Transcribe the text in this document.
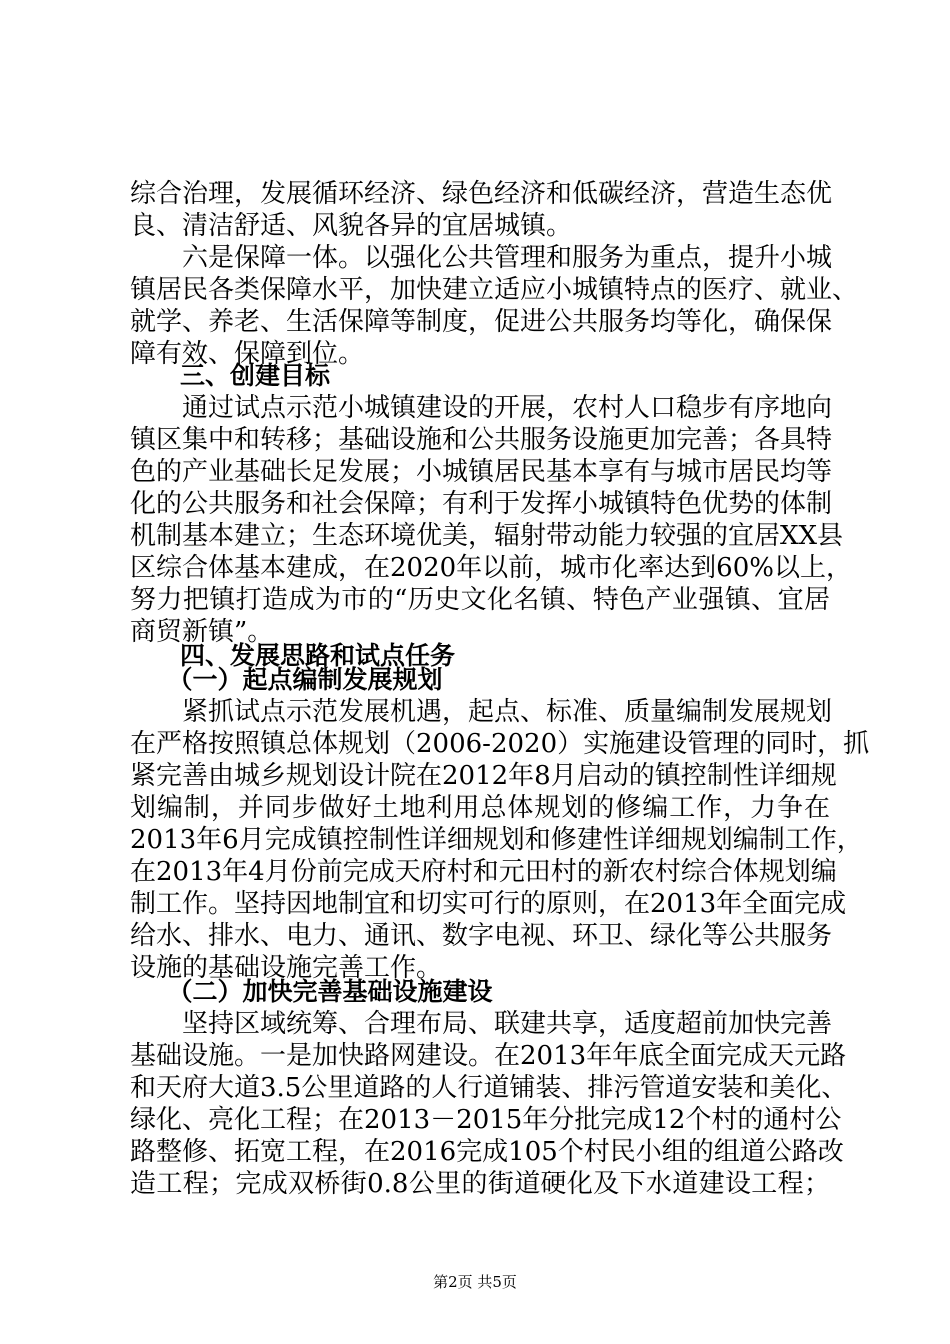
综合治理，发展循环经济、绿色经济和低碳经济，营造生态优
良、清洁舒适、风貌各异的宜居城镇。
　　六是保障一体。以强化公共管理和服务为重点，提升小城
镇居民各类保障水平，加快建立适应小城镇特点的医疗、就业、
就学、养老、生活保障等制度，促进公共服务均等化，确保保
障有效、保障到位。
　　三、创建目标
　　通过试点示范小城镇建设的开展，农村人口稳步有序地向
镇区集中和转移；基础设施和公共服务设施更加完善；各具特
色的产业基础长足发展；小城镇居民基本享有与城市居民均等
化的公共服务和社会保障；有利于发挥小城镇特色优势的体制
机制基本建立；生态环境优美，辐射带动能力较强的宜居XX县
区综合体基本建成，在2020年以前，城市化率达到60%以上，
努力把镇打造成为市的“历史文化名镇、特色产业强镇、宜居
商贸新镇”。
　　四、发展思路和试点任务
　　（一）起点编制发展规划
　　紧抓试点示范发展机遇，起点、标准、质量编制发展规划
在严格按照镇总体规划（2006-2020）实施建设管理的同时，抓
紧完善由城乡规划设计院在2012年8月启动的镇控制性详细规
划编制，并同步做好土地利用总体规划的修编工作，力争在
2013年6月完成镇控制性详细规划和修建性详细规划编制工作，
在2013年4月份前完成天府村和元田村的新农村综合体规划编
制工作。坚持因地制宜和切实可行的原则，在2013年全面完成
给水、排水、电力、通讯、数字电视、环卫、绿化等公共服务
设施的基础设施完善工作。
　　（二）加快完善基础设施建设
　　坚持区域统筹、合理布局、联建共享，适度超前加快完善
基础设施。一是加快路网建设。在2013年年底全面完成天元路
和天府大道3.5公里道路的人行道铺装、排污管道安装和美化、
绿化、亮化工程；在2013－2015年分批完成12个村的通村公
路整修、拓宽工程，在2016完成105个村民小组的组道公路改
造工程；完成双桥街0.8公里的街道硬化及下水道建设工程；
第2页 共5页
